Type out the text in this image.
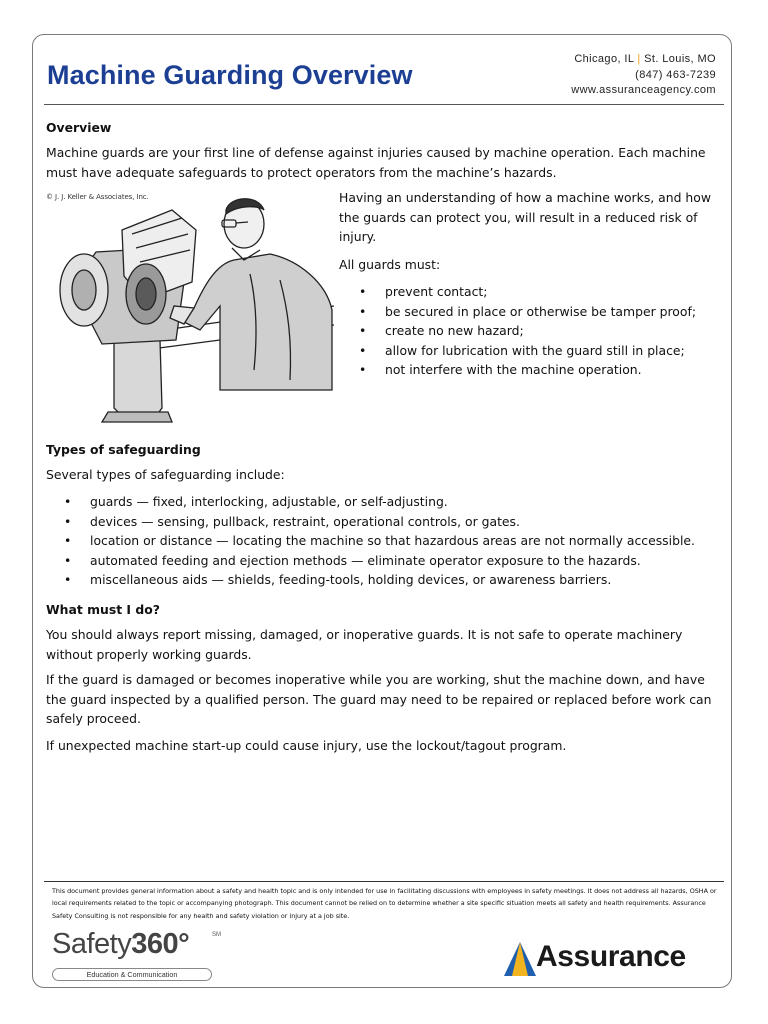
Machine Guarding Overview
Chicago, IL | St. Louis, MO
(847) 463-7239
www.assuranceagency.com

Overview

Machine guards are your first line of defense against injuries caused by machine operation. Each machine must have adequate safeguards to protect operators from the machine’s hazards.

© J. J. Keller & Associates, Inc.	Having an understanding of how a machine works, and how the guards can protect you, will result in a reduced risk of injury.

All guards must:

• prevent contact;
• be secured in place or otherwise be tamper proof;
• create no new hazard;
• allow for lubrication with the guard still in place;
• not interfere with the machine operation.

Types of safeguarding

Several types of safeguarding include:

• guards — fixed, interlocking, adjustable, or self-adjusting.
• devices — sensing, pullback, restraint, operational controls, or gates.
• location or distance — locating the machine so that hazardous areas are not normally accessible.
• automated feeding and ejection methods — eliminate operator exposure to the hazards.
• miscellaneous aids — shields, feeding-tools, holding devices, or awareness barriers.

What must I do?

You should always report missing, damaged, or inoperative guards. It is not safe to operate machinery without properly working guards.

If the guard is damaged or becomes inoperative while you are working, shut the machine down, and have the guard inspected by a qualified person. The guard may need to be repaired or replaced before work can safely proceed.

If unexpected machine start-up could cause injury, use the lockout/tagout program.

This document provides general information about a safety and health topic and is only intended for use in facilitating discussions with employees in safety meetings. It does not address all hazards, OSHA or local requirements related to the topic or accompanying photograph. This document cannot be relied on to determine whether a site specific situation meets all safety and health requirements. Assurance Safety Consulting is not responsible for any health and safety violation or injury at a job site.

Safety360°	SM
Education & Communication
Assurance
